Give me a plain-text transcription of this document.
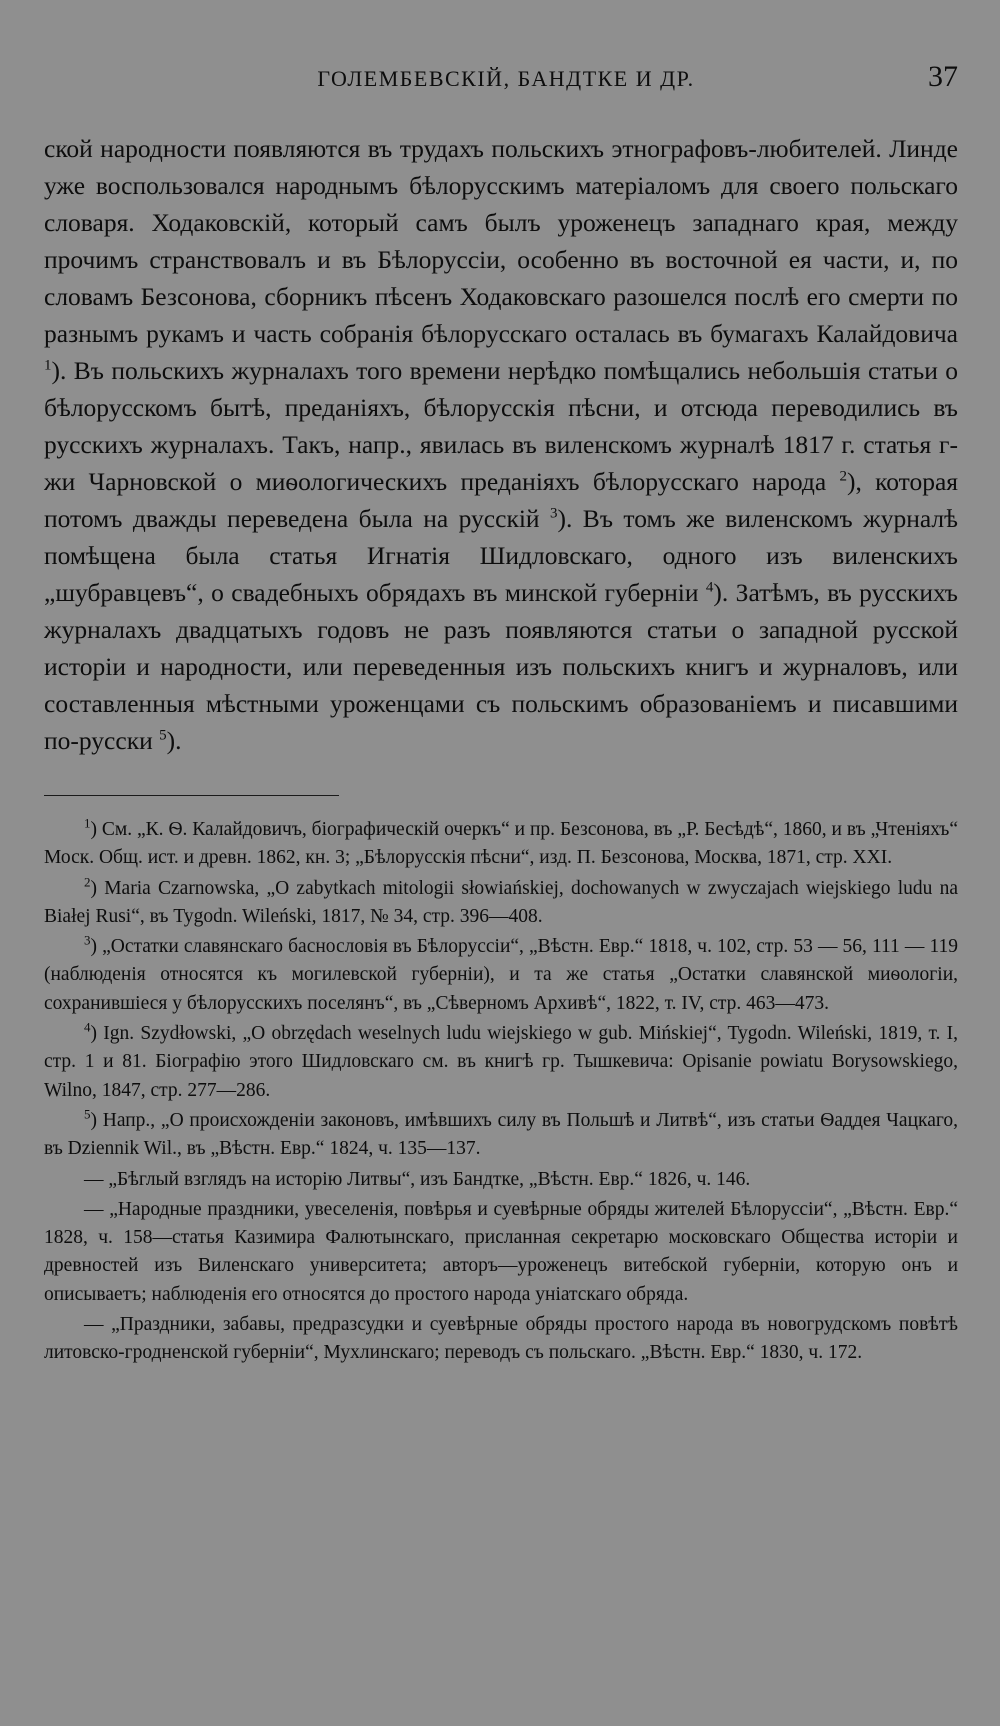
ГОЛЕМБЕВСКІЙ, БАНДТКЕ И ДР.	37

ской народности появляются въ трудахъ польскихъ этнографовъ-любителей. Линде уже воспользовался народнымъ бѣлорусскимъ матеріаломъ для своего польскаго словаря. Ходаковскій, который самъ былъ уроженецъ западнаго края, между прочимъ странствовалъ и въ Бѣлоруссіи, особенно въ восточной ея части, и, по словамъ Безсонова, сборникъ пѣсенъ Ходаковскаго разошелся послѣ его смерти по разнымъ рукамъ и часть собранія бѣлорусскаго осталась въ бумагахъ Калайдовича $^1$). Въ польскихъ журналахъ того времени нерѣдко помѣщались небольшія статьи о бѣлорусскомъ бытѣ, преданіяхъ, бѣлорусскія пѣсни, и отсюда переводились въ русскихъ журналахъ. Такъ, напр., явилась въ виленскомъ журналѣ 1817 г. статья г-жи Чарновской о миѳологическихъ преданіяхъ бѣлорусскаго народа $^2$), которая потомъ дважды переведена была на русскій $^3$). Въ томъ же виленскомъ журналѣ помѣщена была статья Игнатія Шидловскаго, одного изъ виленскихъ „шубравцевъ“, о свадебныхъ обрядахъ въ минской губерніи $^4$). Затѣмъ, въ русскихъ журналахъ двадцатыхъ годовъ не разъ появляются статьи о западной русской исторіи и народности, или переведенныя изъ польскихъ книгъ и журналовъ, или составленныя мѣстными уроженцами съ польскимъ образованіемъ и писавшими по-русски $^5$).

$^1$) См. „К. Ѳ. Калайдовичъ, біографическій очеркъ“ и пр. Безсонова, въ „Р. Бесѣдѣ“, 1860, и въ „Чтеніяхъ“ Моск. Общ. ист. и древн. 1862, кн. 3; „Бѣлорусскія пѣсни“, изд. П. Безсонова, Москва, 1871, стр. XXI.

$^2$) Maria Czarnowska, „O zabytkach mitologii słowiańskiej, dochowanych w zwyczajach wiejskiego ludu na Białej Rusi“, въ Tygodn. Wileński, 1817, № 34, стр. 396—408.

$^3$) „Остатки славянскаго баснословія въ Бѣлоруссіи“, „Вѣстн. Евр.“ 1818, ч. 102, стр. 53 — 56, 111 — 119 (наблюденія относятся къ могилевской губерніи), и та же статья „Остатки славянской миѳологіи, сохранившіеся у бѣлорусскихъ поселянъ“, въ „Сѣверномъ Архивѣ“, 1822, т. IV, стр. 463—473.

$^4$) Ign. Szydłowski, „O obrzędach weselnych ludu wiejskiego w gub. Mińskiej“, Tygodn. Wileński, 1819, т. I, стр. 1 и 81. Біографію этого Шидловскаго см. въ книгѣ гр. Тышкевича: Opisanie powiatu Borysowskiego, Wilno, 1847, стр. 277—286.

$^5$) Напр., „О происхожденіи законовъ, имѣвшихъ силу въ Польшѣ и Литвѣ“, изъ статьи Ѳаддея Чацкаго, въ Dziennik Wil., въ „Вѣстн. Евр.“ 1824, ч. 135—137.

— „Бѣглый взглядъ на исторію Литвы“, изъ Бандтке, „Вѣстн. Евр.“ 1826, ч. 146.

— „Народные праздники, увеселенія, повѣрья и суевѣрные обряды жителей Бѣлоруссіи“, „Вѣстн. Евр.“ 1828, ч. 158—статья Казимира Фалютынскаго, присланная секретарю московскаго Общества исторіи и древностей изъ Виленскаго университета; авторъ—уроженецъ витебской губерніи, которую онъ и описываетъ; наблюденія его относятся до простого народа уніатскаго обряда.

— „Праздники, забавы, предразсудки и суевѣрные обряды простого народа въ новогрудскомъ повѣтѣ литовско-гродненской губерніи“, Мухлинскаго; переводъ съ польскаго. „Вѣстн. Евр.“ 1830, ч. 172.
